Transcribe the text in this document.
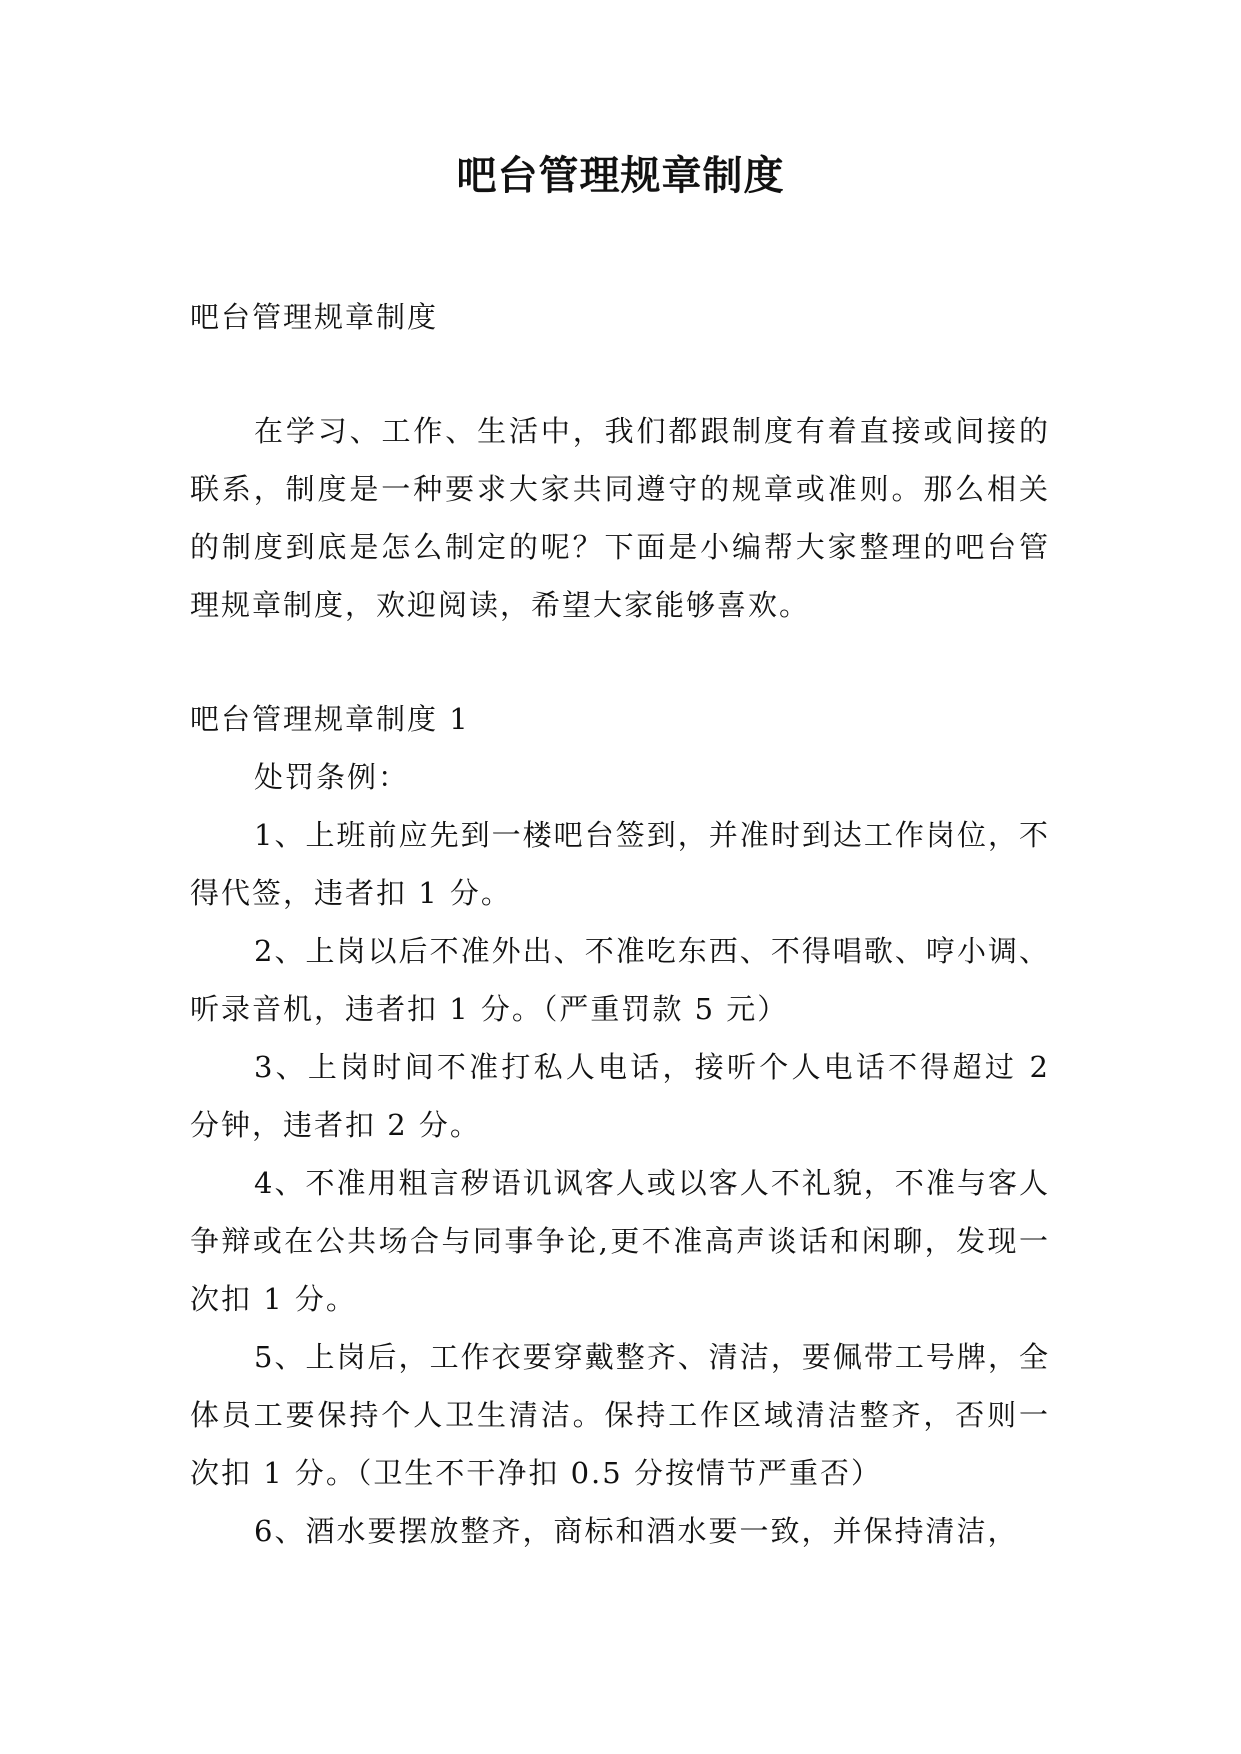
吧台管理规章制度
吧台管理规章制度

在学习、工作、生活中，我们都跟制度有着直接或间接的联系，制度是一种要求大家共同遵守的规章或准则。那么相关的制度到底是怎么制定的呢？下面是小编帮大家整理的吧台管理规章制度，欢迎阅读，希望大家能够喜欢。

吧台管理规章制度 1

处罚条例：

1、上班前应先到一楼吧台签到，并准时到达工作岗位，不得代签，违者扣 1 分。

2、上岗以后不准外出、不准吃东西、不得唱歌、哼小调、听录音机，违者扣 1 分。（严重罚款 5 元）

3、上岗时间不准打私人电话，接听个人电话不得超过 2 分钟，违者扣 2 分。

4、不准用粗言秽语讥讽客人或以客人不礼貌，不准与客人争辩或在公共场合与同事争论,更不准高声谈话和闲聊，发现一次扣 1 分。

5、上岗后，工作衣要穿戴整齐、清洁，要佩带工号牌，全体员工要保持个人卫生清洁。保持工作区域清洁整齐，否则一次扣 1 分。（卫生不干净扣 0.5 分按情节严重否）

6、酒水要摆放整齐，商标和酒水要一致，并保持清洁，
